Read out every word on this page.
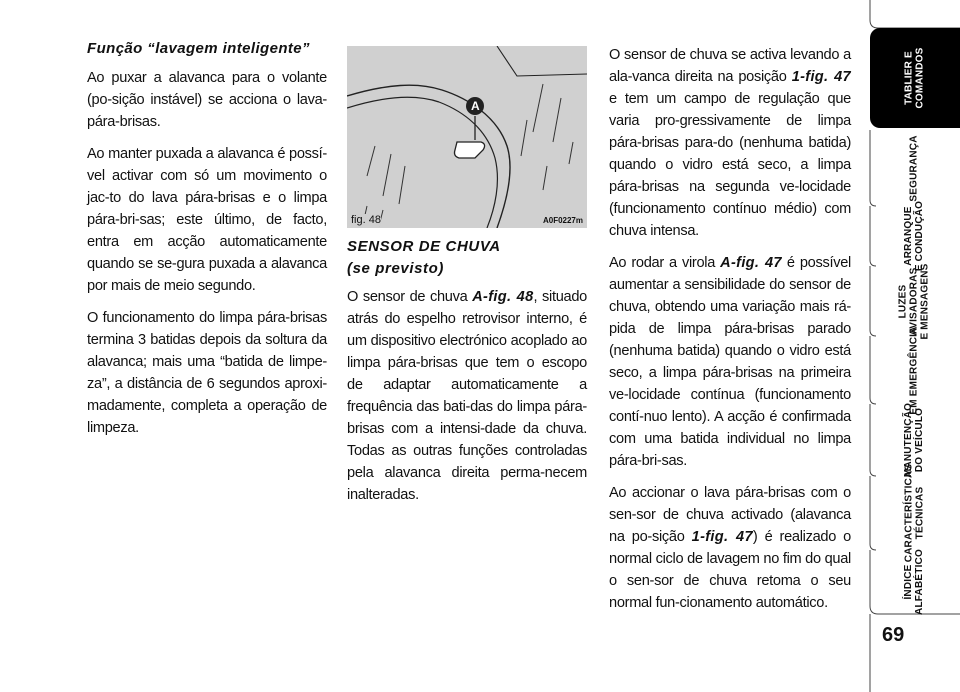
Função “lavagem inteligente”

Ao puxar a alavanca para o volante (po-sição instável) se acciona o lava-pára-brisas.

Ao manter puxada a alavanca é possí-vel activar com só um movimento o jac-to do lava pára-brisas e o limpa pára-bri-sas; este último, de facto, entra em acção automaticamente quando se se-gura puxada a alavanca por mais de meio segundo.

O funcionamento do limpa pára-brisas termina 3 batidas depois da soltura da alavanca; mais uma “batida de limpe-za”, a distância de 6 segundos aproxi-madamente, completa a operação de limpeza.

A
fig. 48	A0F0227m
SENSOR DE CHUVA
(se previsto)

O sensor de chuva A-fig. 48, situado atrás do espelho retrovisor interno, é um dispositivo electrónico acoplado ao limpa pára-brisas que tem o escopo de adaptar automaticamente a frequência das bati-das do limpa pára-brisas com a intensi-dade da chuva. Todas as outras funções controladas pela alavanca direita perma-necem inalteradas.

O sensor de chuva se activa levando a ala-vanca direita na posição 1-fig. 47 e tem um campo de regulação que varia pro-gressivamente de limpa pára-brisas para-do (nenhuma batida) quando o vidro está seco, a limpa pára-brisas na segunda ve-locidade (funcionamento contínuo médio) com chuva intensa.

Ao rodar a virola A-fig. 47 é possível aumentar a sensibilidade do sensor de chuva, obtendo uma variação mais rá-pida de limpa pára-brisas parado (nenhuma batida) quando o vidro está seco, a limpa pára-brisas na primeira ve-locidade contínua (funcionamento contí-nuo lento). A acção é confirmada com uma batida individual no limpa pára-bri-sas.

Ao accionar o lava pára-brisas com o sen-sor de chuva activado (alavanca na po-sição 1-fig. 47) é realizado o normal ciclo de lavagem no fim do qual o sen-sor de chuva retoma o seu normal fun-cionamento automático.

TABLIER E
COMANDOS
SEGURANÇA
ARRANQUE
E CONDUÇÃO
LUZES
AVISADORAS
E MENSAGENS
EM EMERGÊNCIA
MANUTENÇÃO
DO VEÍCULO
CARACTERÍSTICAS
TÉCNICAS
ÍNDICE
ALFABÉTICO
69
